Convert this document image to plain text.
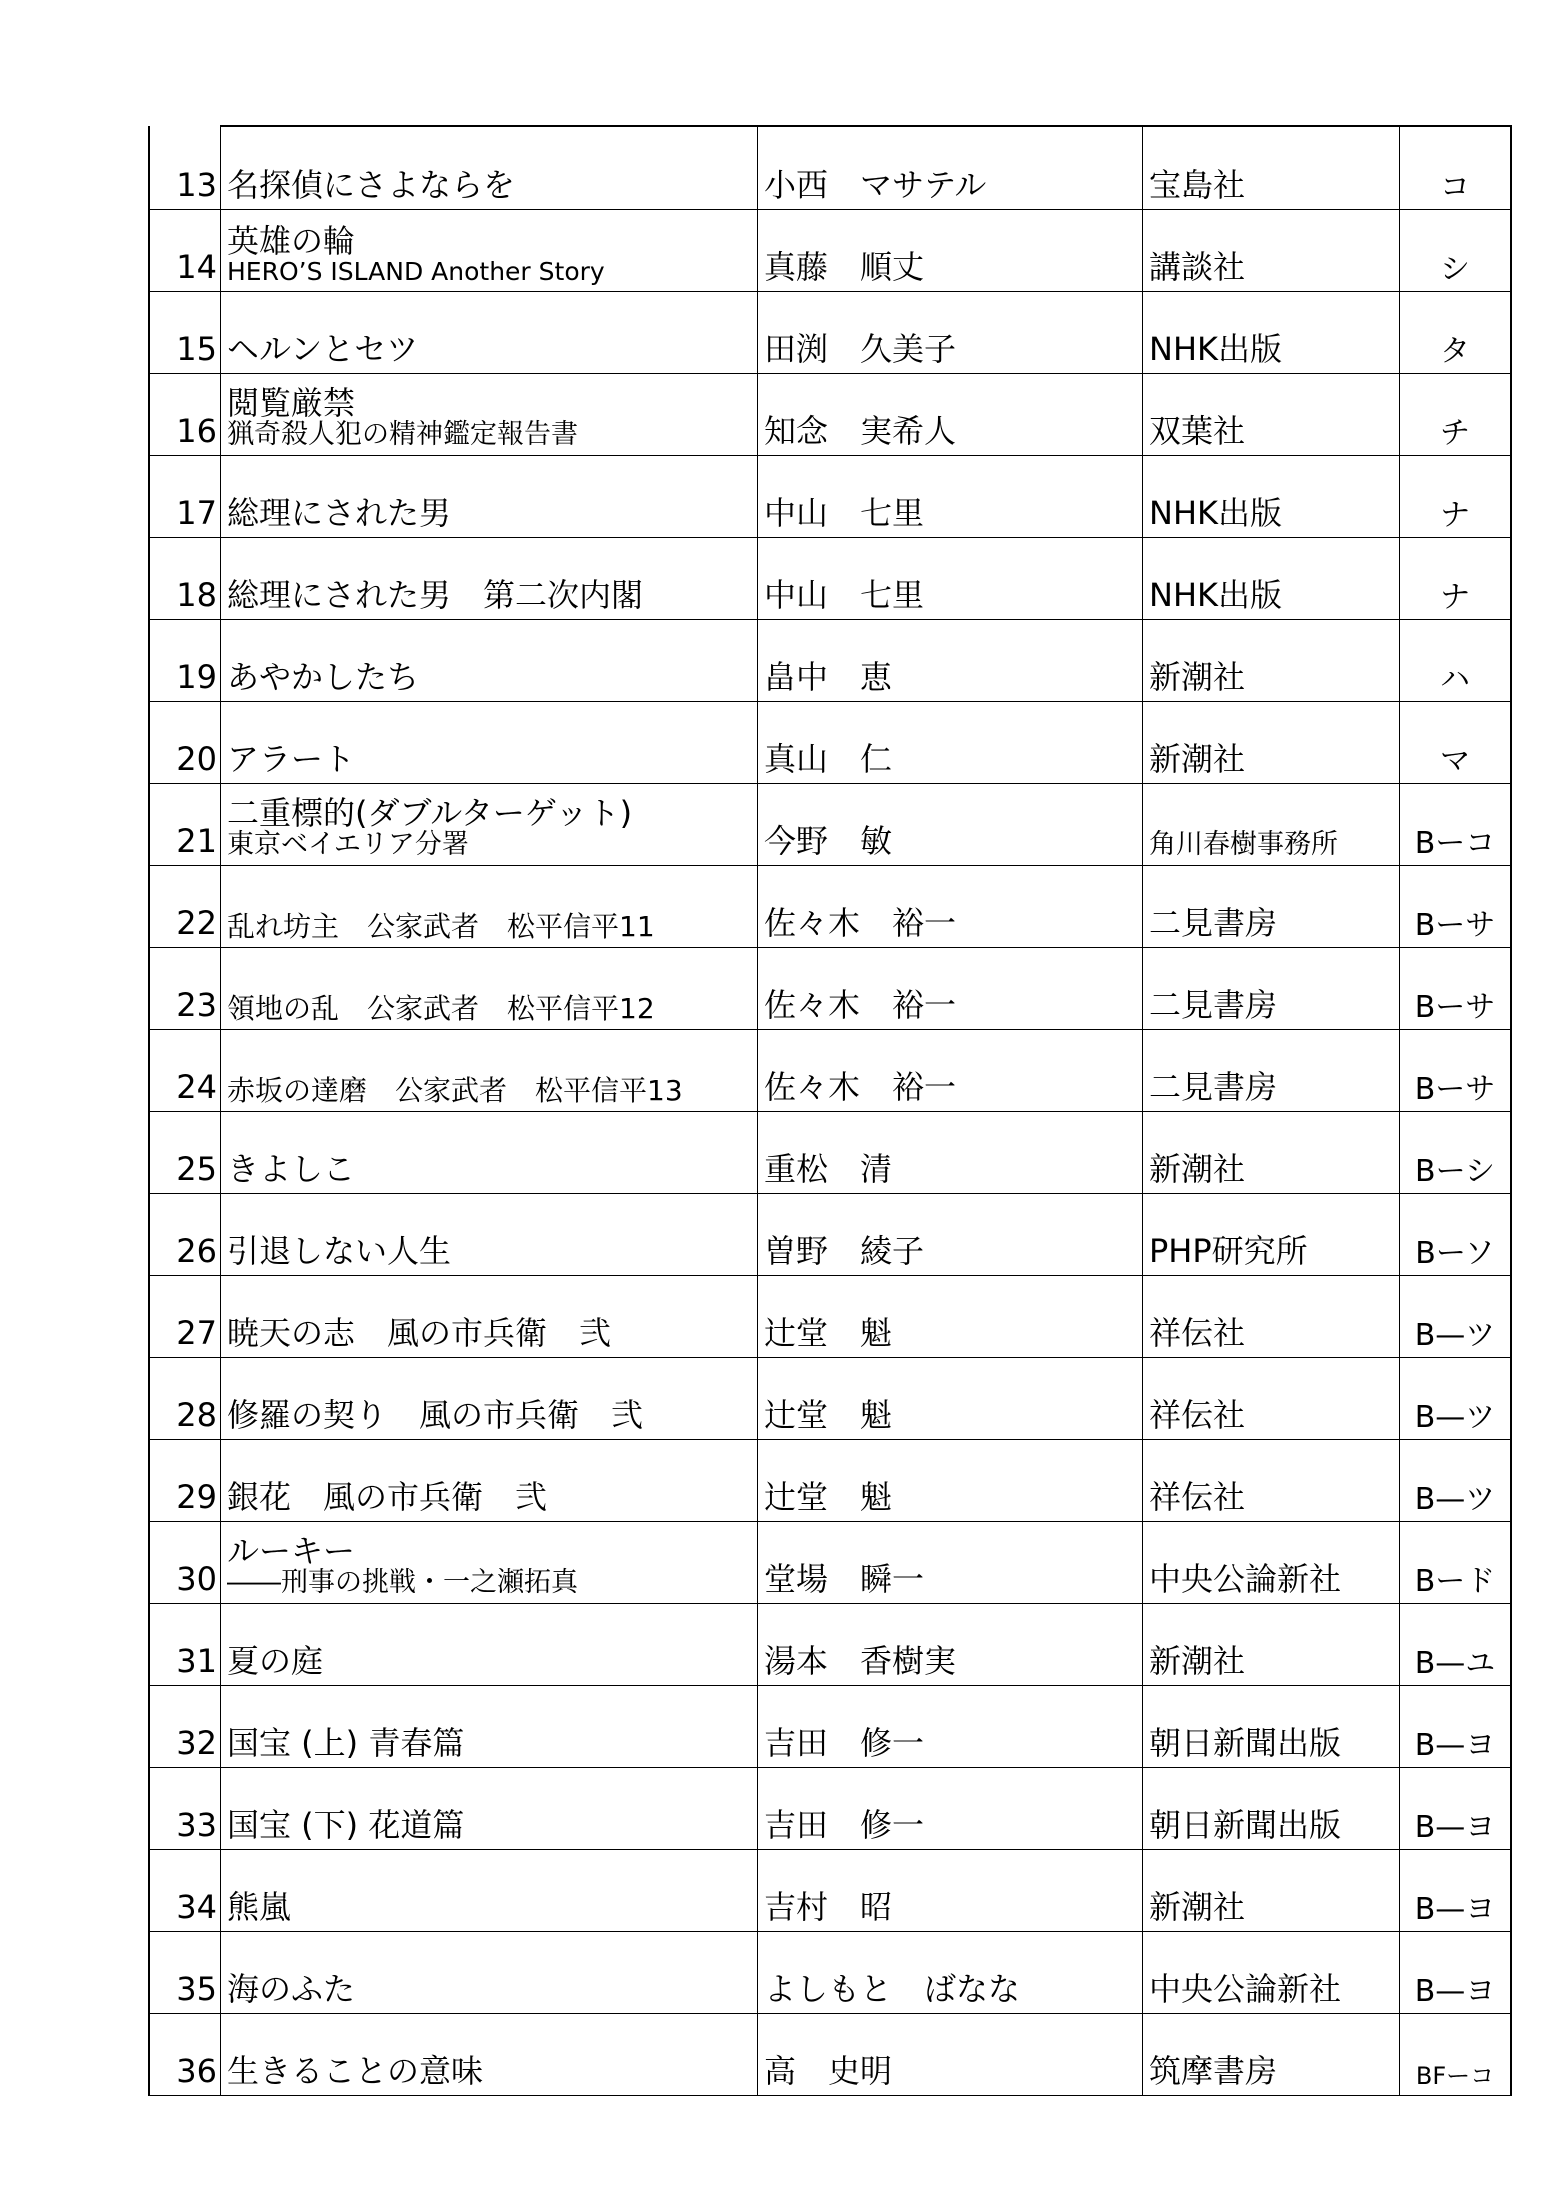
13	名探偵にさよならを	小西　マサテル	宝島社	コ

14	英雄の輪
HERO’S ISLAND Another Story	真藤　順丈	講談社	シ

15	ヘルンとセツ	田渕　久美子	NHK出版	タ

16	閲覧厳禁
猟奇殺人犯の精神鑑定報告書	知念　実希人	双葉社	チ

17	総理にされた男	中山　七里	NHK出版	ナ

18	総理にされた男　第二次内閣	中山　七里	NHK出版	ナ

19	あやかしたち	畠中　恵	新潮社	ハ

20	アラート	真山　仁	新潮社	マ

21	二重標的(ダブルターゲット)
東京ベイエリア分署	今野　敏	角川春樹事務所	Bーコ

22	乱れ坊主　公家武者　松平信平11	佐々木　裕一	二見書房	Bーサ

23	領地の乱　公家武者　松平信平12	佐々木　裕一	二見書房	Bーサ

24	赤坂の達磨　公家武者　松平信平13	佐々木　裕一	二見書房	Bーサ

25	きよしこ	重松　清	新潮社	Bーシ

26	引退しない人生	曽野　綾子	PHP研究所	Bーソ

27	暁天の志　風の市兵衛　弐	辻堂　魁	祥伝社	B—ツ

28	修羅の契り　風の市兵衛　弐	辻堂　魁	祥伝社	B—ツ

29	銀花　風の市兵衛　弐	辻堂　魁	祥伝社	B—ツ

30	ルーキー
――刑事の挑戦・一之瀬拓真	堂場　瞬一	中央公論新社	Bード

31	夏の庭	湯本　香樹実	新潮社	B—ユ

32	国宝 (上) 青春篇	吉田　修一	朝日新聞出版	B—ヨ

33	国宝 (下) 花道篇	吉田　修一	朝日新聞出版	B—ヨ

34	熊嵐	吉村　昭	新潮社	B—ヨ

35	海のふた	よしもと　ばなな	中央公論新社	B—ヨ

36	生きることの意味	高　史明	筑摩書房	BFーコ
